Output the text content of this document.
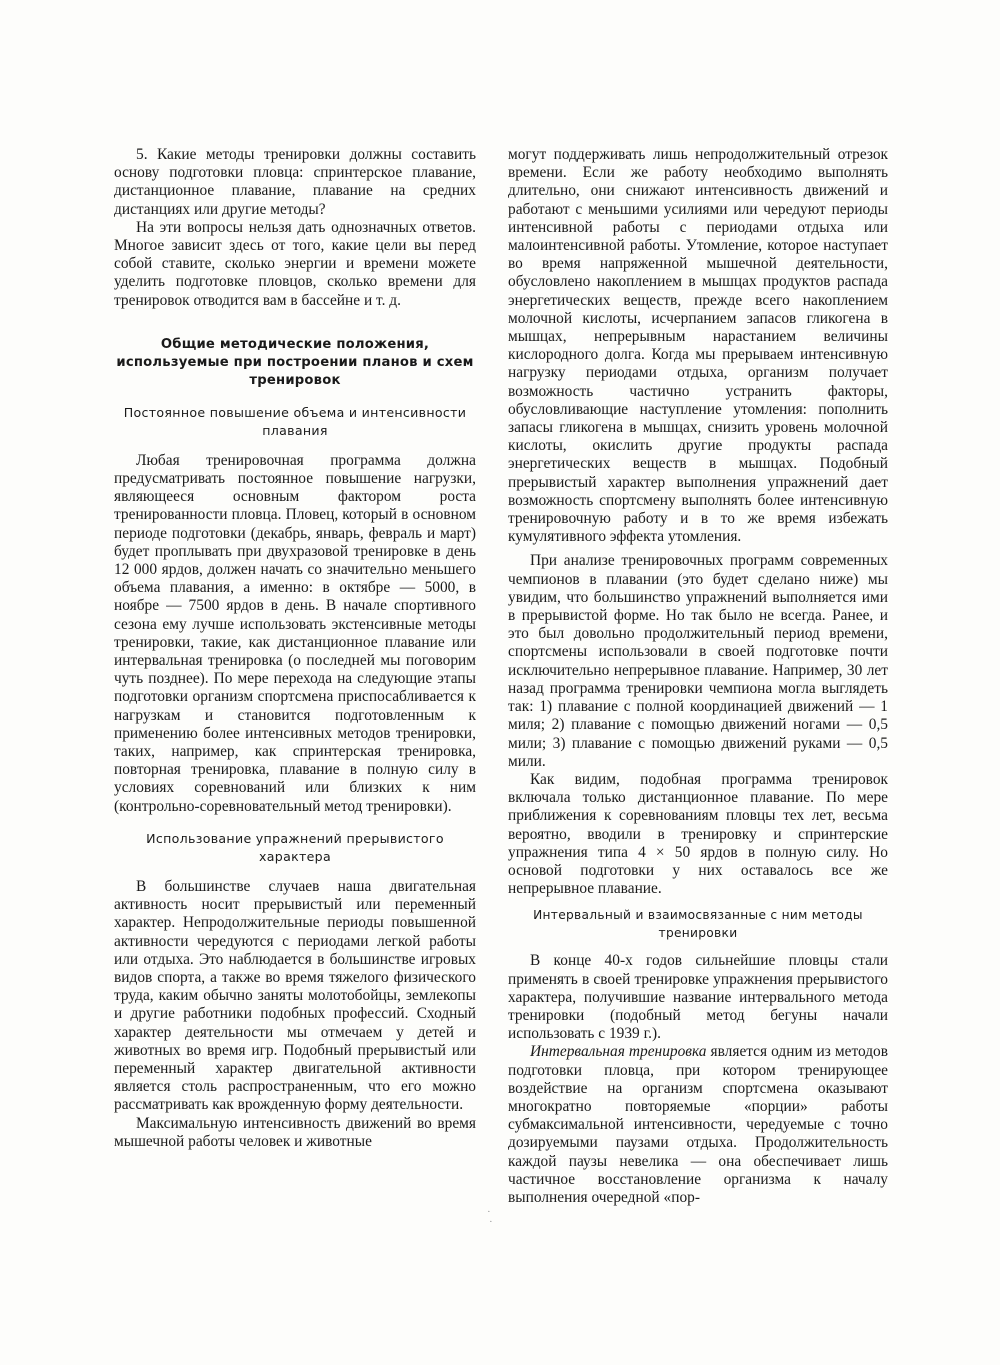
5. Какие методы тренировки должны составить основу подготовки пловца: спринтерское плавание, дистанционное плавание, плавание на средних дистанциях или другие методы?

На эти вопросы нельзя дать однозначных ответов. Многое зависит здесь от того, какие цели вы перед собой ставите, сколько энергии и времени можете уделить подготовке пловцов, сколько времени для тренировок отводится вам в бассейне и т. д.

Общие методические положения, используемые при построении планов и схем тренировок
Постоянное повышение объема и интенсивности плавания

Любая тренировочная программа должна предусматривать постоянное повышение нагрузки, являющееся основным фактором роста тренированности пловца. Пловец, который в основном периоде подготовки (декабрь, январь, февраль и март) будет проплывать при двухразовой тренировке в день 12 000 ярдов, должен начать со значительно меньшего объема плавания, а именно: в октябре — 5000, в ноябре — 7500 ярдов в день. В начале спортивного сезона ему лучше использовать экстенсивные методы тренировки, такие, как дистанционное плавание или интервальная тренировка (о последней мы поговорим чуть позднее). По мере перехода на следующие этапы подготовки организм спортсмена приспосабливается к нагрузкам и становится подготовленным к применению более интенсивных методов тренировки, таких, например, как спринтерская тренировка, повторная тренировка, плавание в полную силу в условиях соревнований или близких к ним (контрольно-соревновательный метод тренировки).

Использование упражнений прерывистого характера

В большинстве случаев наша двигательная активность носит прерывистый или переменный характер. Непродолжительные периоды повышенной активности чередуются с периодами легкой работы или отдыха. Это наблюдается в большинстве игровых видов спорта, а также во время тяжелого физического труда, каким обычно заняты молотобойцы, землекопы и другие работники подобных профессий. Сходный характер деятельности мы отмечаем у детей и животных во время игр. Подобный прерывистый или переменный характер двигательной активности является столь распространенным, что его можно рассматривать как врожденную форму деятельности.

Максимальную интенсивность движений во время мышечной работы человек и животные

могут поддерживать лишь непродолжительный отрезок времени. Если же работу необходимо выполнять длительно, они снижают интенсивность движений и работают с меньшими усилиями или чередуют периоды интенсивной работы с периодами отдыха или малоинтенсивной работы. Утомление, которое наступает во время напряженной мышечной деятельности, обусловлено накоплением в мышцах продуктов распада энергетических веществ, прежде всего накоплением молочной кислоты, исчерпанием запасов гликогена в мышцах, непрерывным нарастанием величины кислородного долга. Когда мы прерываем интенсивную нагрузку периодами отдыха, организм получает возможность частично устранить факторы, обусловливающие наступление утомления: пополнить запасы гликогена в мышцах, снизить уровень молочной кислоты, окислить другие продукты распада энергетических веществ в мышцах. Подобный прерывистый характер выполнения упражнений дает возможность спортсмену выполнять более интенсивную тренировочную работу и в то же время избежать кумулятивного эффекта утомления.

При анализе тренировочных программ современных чемпионов в плавании (это будет сделано ниже) мы увидим, что большинство упражнений выполняется ими в прерывистой форме. Но так было не всегда. Ранее, и это был довольно продолжительный период времени, спортсмены использовали в своей подготовке почти исключительно непрерывное плавание. Например, 30 лет назад программа тренировки чемпиона могла выглядеть так: 1) плавание с полной координацией движений — 1 миля; 2) плавание с помощью движений ногами — 0,5 мили; 3) плавание с помощью движений руками — 0,5 мили.

Как видим, подобная программа тренировок включала только дистанционное плавание. По мере приближения к соревнованиям пловцы тех лет, весьма вероятно, вводили в тренировку и спринтерские упражнения типа 4 × 50 ярдов в полную силу. Но основой подготовки у них оставалось все же непрерывное плавание.

Интервальный и взаимосвязанные с ним методы тренировки

В конце 40-х годов сильнейшие пловцы стали применять в своей тренировке упражнения прерывистого характера, получившие название интервального метода тренировки (подобный метод бегуны начали использовать с 1939 г.).

Интервальная тренировка является одним из методов подготовки пловца, при котором тренирующее воздействие на организм спортсмена оказывают многократно повторяемые «порции» работы субмаксимальной интенсивности, чередуемые с точно дозируемыми паузами отдыха. Продолжительность каждой паузы невелика — она обеспечивает лишь частичное восстановление организма к началу выполнения очередной «пор-

·
·
